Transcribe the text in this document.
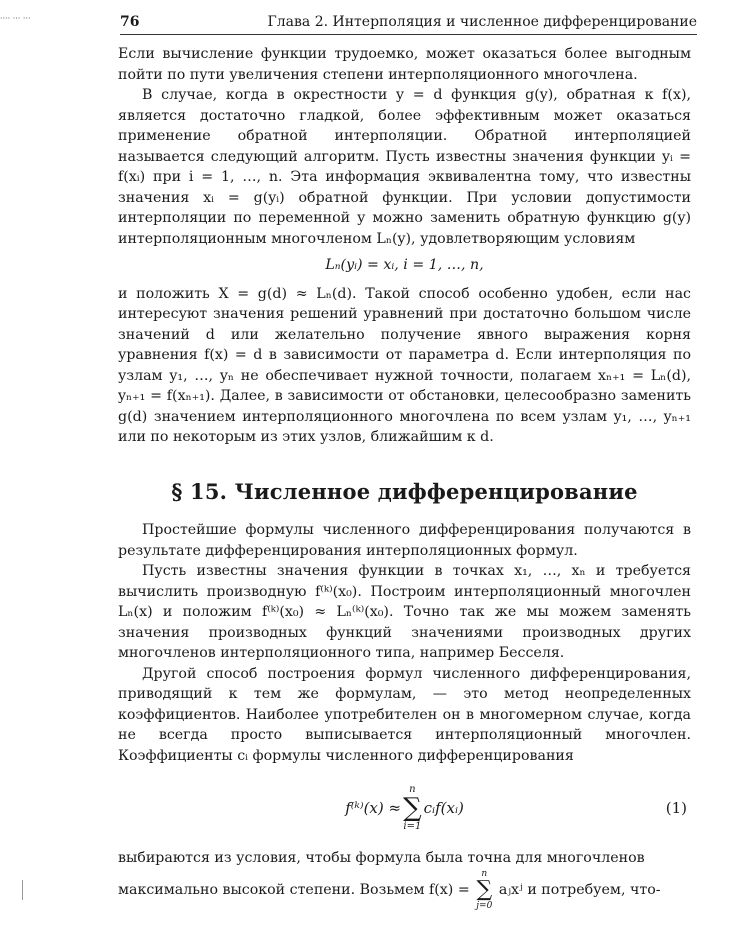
···· ··· ···	76	Глава 2. Интерполяция и численное дифференцирование

Если вычисление функции трудоемко, может оказаться более выгодным пойти по пути увеличения степени интерполяционного многочлена.

В случае, когда в окрестности y = d функция g(y), обратная к f(x), является достаточно гладкой, более эффективным может оказаться применение обратной интерполяции. Обратной интерполяцией называется следующий алгоритм. Пусть известны значения функции yᵢ = f(xᵢ) при i = 1, …, n. Эта информация эквивалентна тому, что известны значения xᵢ = g(yᵢ) обратной функции. При условии допустимости интерполяции по переменной y можно заменить обратную функцию g(y) интерполяционным многочленом Lₙ(y), удовлетворяющим условиям

Lₙ(yᵢ) = xᵢ, i = 1, …, n,

и положить X = g(d) ≈ Lₙ(d). Такой способ особенно удобен, если нас интересуют значения решений уравнений при достаточно большом числе значений d или желательно получение явного выражения корня уравнения f(x) = d в зависимости от параметра d. Если интерполяция по узлам y₁, …, yₙ не обеспечивает нужной точности, полагаем xₙ₊₁ = Lₙ(d), yₙ₊₁ = f(xₙ₊₁). Далее, в зависимости от обстановки, целесообразно заменить g(d) значением интерполяционного многочлена по всем узлам y₁, …, yₙ₊₁ или по некоторым из этих узлов, ближайшим к d.

§ 15. Численное дифференцирование

Простейшие формулы численного дифференцирования получаются в результате дифференцирования интерполяционных формул.

Пусть известны значения функции в точках x₁, …, xₙ и требуется вычислить производную f⁽ᵏ⁾(x₀). Построим интерполяционный многочлен Lₙ(x) и положим f⁽ᵏ⁾(x₀) ≈ Lₙ⁽ᵏ⁾(x₀). Точно так же мы можем заменять значения производных функций значениями производных других многочленов интерполяционного типа, например Бесселя.

Другой способ построения формул численного дифференцирования, приводящий к тем же формулам, — это метод неопределенных коэффициентов. Наиболее употребителен он в многомерном случае, когда не всегда просто выписывается интерполяционный многочлен. Коэффициенты cᵢ формулы численного дифференцирования

f⁽ᵏ⁾(x) ≈
n
∑
i=1
cᵢf(xᵢ)	(1)

выбираются из условия, чтобы формула была точна для многочленов

максимально высокой степени. Возьмем f(x) =
n
∑
j=0
aⱼxʲ и потребуем, что-
